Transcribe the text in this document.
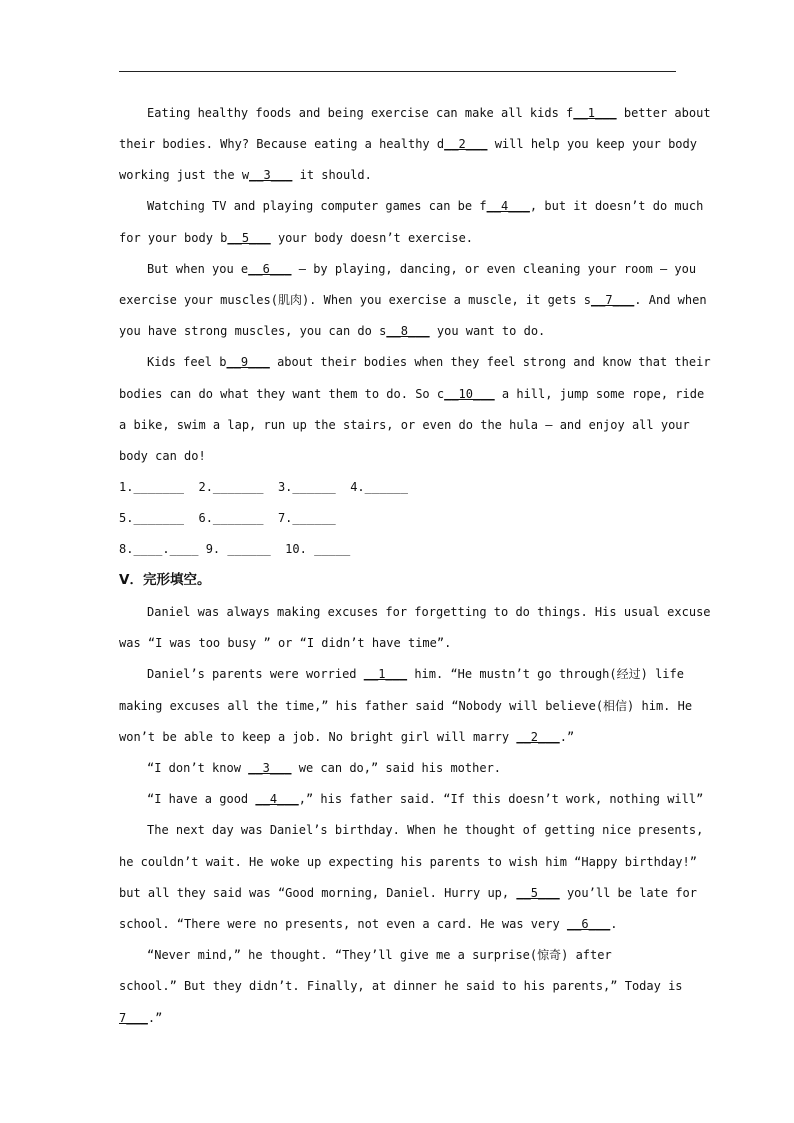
Eating healthy foods and being exercise can make all kids f__1___ better about
their bodies. Why? Because eating a healthy d__2___ will help you keep your body
working just the w__3___ it should.
Watching TV and playing computer games can be f__4___, but it doesn’t do much
for your body b__5___ your body doesn’t exercise.
But when you e__6___ — by playing, dancing, or even cleaning your room — you
exercise your muscles(肌肉). When you exercise a muscle, it gets s__7___. And when
you have strong muscles, you can do s__8___ you want to do.
Kids feel b__9___ about their bodies when they feel strong and know that their
bodies can do what they want them to do. So c__10___ a hill, jump some rope, ride
a bike, swim a lap, run up the stairs, or even do the hula — and enjoy all your
body can do!
1._______  2._______  3.______  4.______
5._______  6._______  7.______
8.____.____ 9. ______  10. _____
V．完形填空。
Daniel was always making excuses for forgetting to do things. His usual excuse
was “I was too busy ” or “I didn’t have time”.
Daniel’s parents were worried __1___ him. “He mustn’t go through(经过) life
making excuses all the time,” his father said “Nobody will believe(相信) him. He
won’t be able to keep a job. No bright girl will marry __2___.”
“I don’t know __3___ we can do,” said his mother.
“I have a good __4___,” his father said. “If this doesn’t work, nothing will”
The next day was Daniel’s birthday. When he thought of getting nice presents,
he couldn’t wait. He woke up expecting his parents to wish him “Happy birthday!”
but all they said was “Good morning, Daniel. Hurry up, __5___ you’ll be late for
school. “There were no presents, not even a card. He was very __6___.
“Never mind,” he thought. “They’ll give me a surprise(惊奇) after
school.” But they didn’t. Finally, at dinner he said to his parents,” Today is
7___.”
